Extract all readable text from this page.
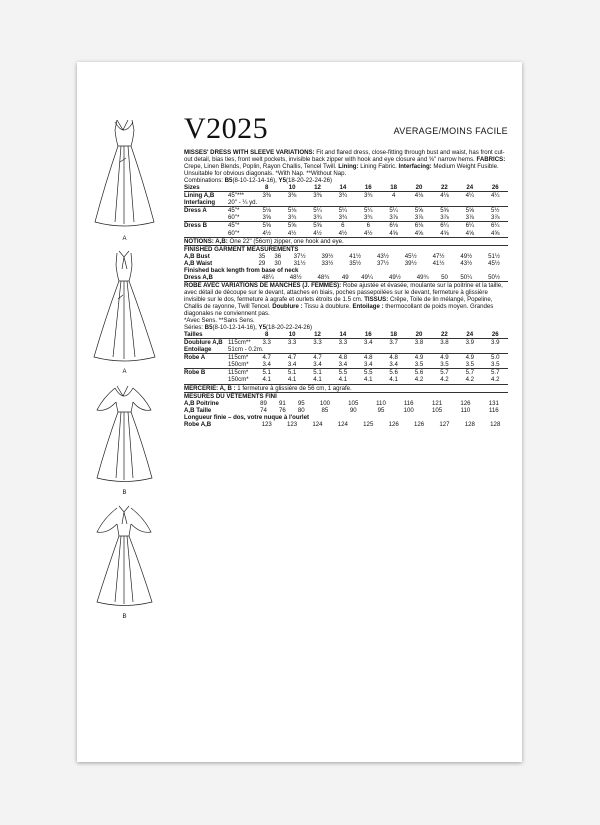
A
A
B
B
V2025	AVERAGE/MOINS FACILE

MISSES' DRESS WITH SLEEVE VARIATIONS: Fit and flared dress, close-fitting through bust and waist, has front cut-out detail, bias ties, front welt pockets, invisible back zipper with hook and eye closure and ⅝" narrow hems. FABRICS: Crepe, Linen Blends, Poplin, Rayon Challis, Tencel Twill. Lining: Lining Fabric. Interfacing: Medium Weight Fusible. Unsuitable for obvious diagonals. *With Nap. **Without Nap.

Combinations: B5(8-10-12-14-16), Y5(18-20-22-24-26)

Sizes		8	10	12	14	16	18	20	22	24	26
Lining A,B	45"***	3⅜	3⅜	3⅜	3¾	3¾	4	4⅛	4⅛	4¼	4¼
Interfacing	20" - ¼ yd.										
Dress A	45"*	5⅛	5⅛	5¼	5¼	5¼	5¼	5⅝	5⅝	5⅝	5½
	60"*	3⅝	3¾	3¾	3¾	3¾	3⅞	3⅞	3⅞	3⅞	3⅞
Dress B	45"*	5⅝	5⅝	5⅝	6	6	6⅛	6⅛	6¼	6¼	6¼
	60"*	4½	4½	4½	4½	4½	4⅝	4⅝	4⅝	4⅝	4⅝

NOTIONS: A,B: One 22" (56cm) zipper, one hook and eye.

FINISHED GARMENT MEASUREMENTS

A,B Bust		35	36	37½	39½	41½	43½	45½	47½	49½	51½
A,B Waist		29	30	31½	33½	35½	37½	39½	41½	43½	45½

Finished back length from base of neck

Dress A,B		48¼	48½	48¾	49	49¼	49½	49¾	50	50¼	50½

ROBE AVEC VARIATIONS DE MANCHES (J. FEMMES): Robe ajustée et évasée, moulante sur la poitrine et la taille, avec détail de découpe sur le devant, attaches en biais, poches passepoilées sur le devant, fermeture à glissière invisible sur le dos, fermeture à agrafe et ourlets étroits de 1.5 cm. TISSUS: Crêpe, Toile de lin mélangé, Popeline, Challis de rayonne, Twill Tencel. Doublure : Tissu à doublure. Entoilage : thermocollant de poids moyen. Grandes diagonales ne conviennent pas.

*Avec Sens. **Sans Sens.

Séries: B5(8-10-12-14-16), Y5(18-20-22-24-26)

Tailles		8	10	12	14	16	18	20	22	24	26
Doublure A,B	115cm**	3.3	3.3	3.3	3.3	3.4	3.7	3.8	3.8	3.9	3.9
Entoilage	51cm - 0.2m.										
Robe A	115cm*	4.7	4.7	4.7	4.8	4.8	4.8	4.9	4.9	4.9	5.0
	150cm*	3.4	3.4	3.4	3.4	3.4	3.4	3.5	3.5	3.5	3.5
Robe B	115cm*	5.1	5.1	5.1	5.5	5.5	5.6	5.6	5.7	5.7	5.7
	150cm*	4.1	4.1	4.1	4.1	4.1	4.1	4.2	4.2	4.2	4.2

MERCERIE: A, B : 1 fermeture à glissière de 56 cm, 1 agrafe.

MESURES DU VÊTEMENTS FINI

A,B Poitrine		89	91	95	100	105	110	116	121	126	131
A,B Taille		74	76	80	85	90	95	100	105	110	116

Longueur finie – dos, votre nuque à l'ourlet

Robe A,B		123	123	124	124	125	126	126	127	128	128
